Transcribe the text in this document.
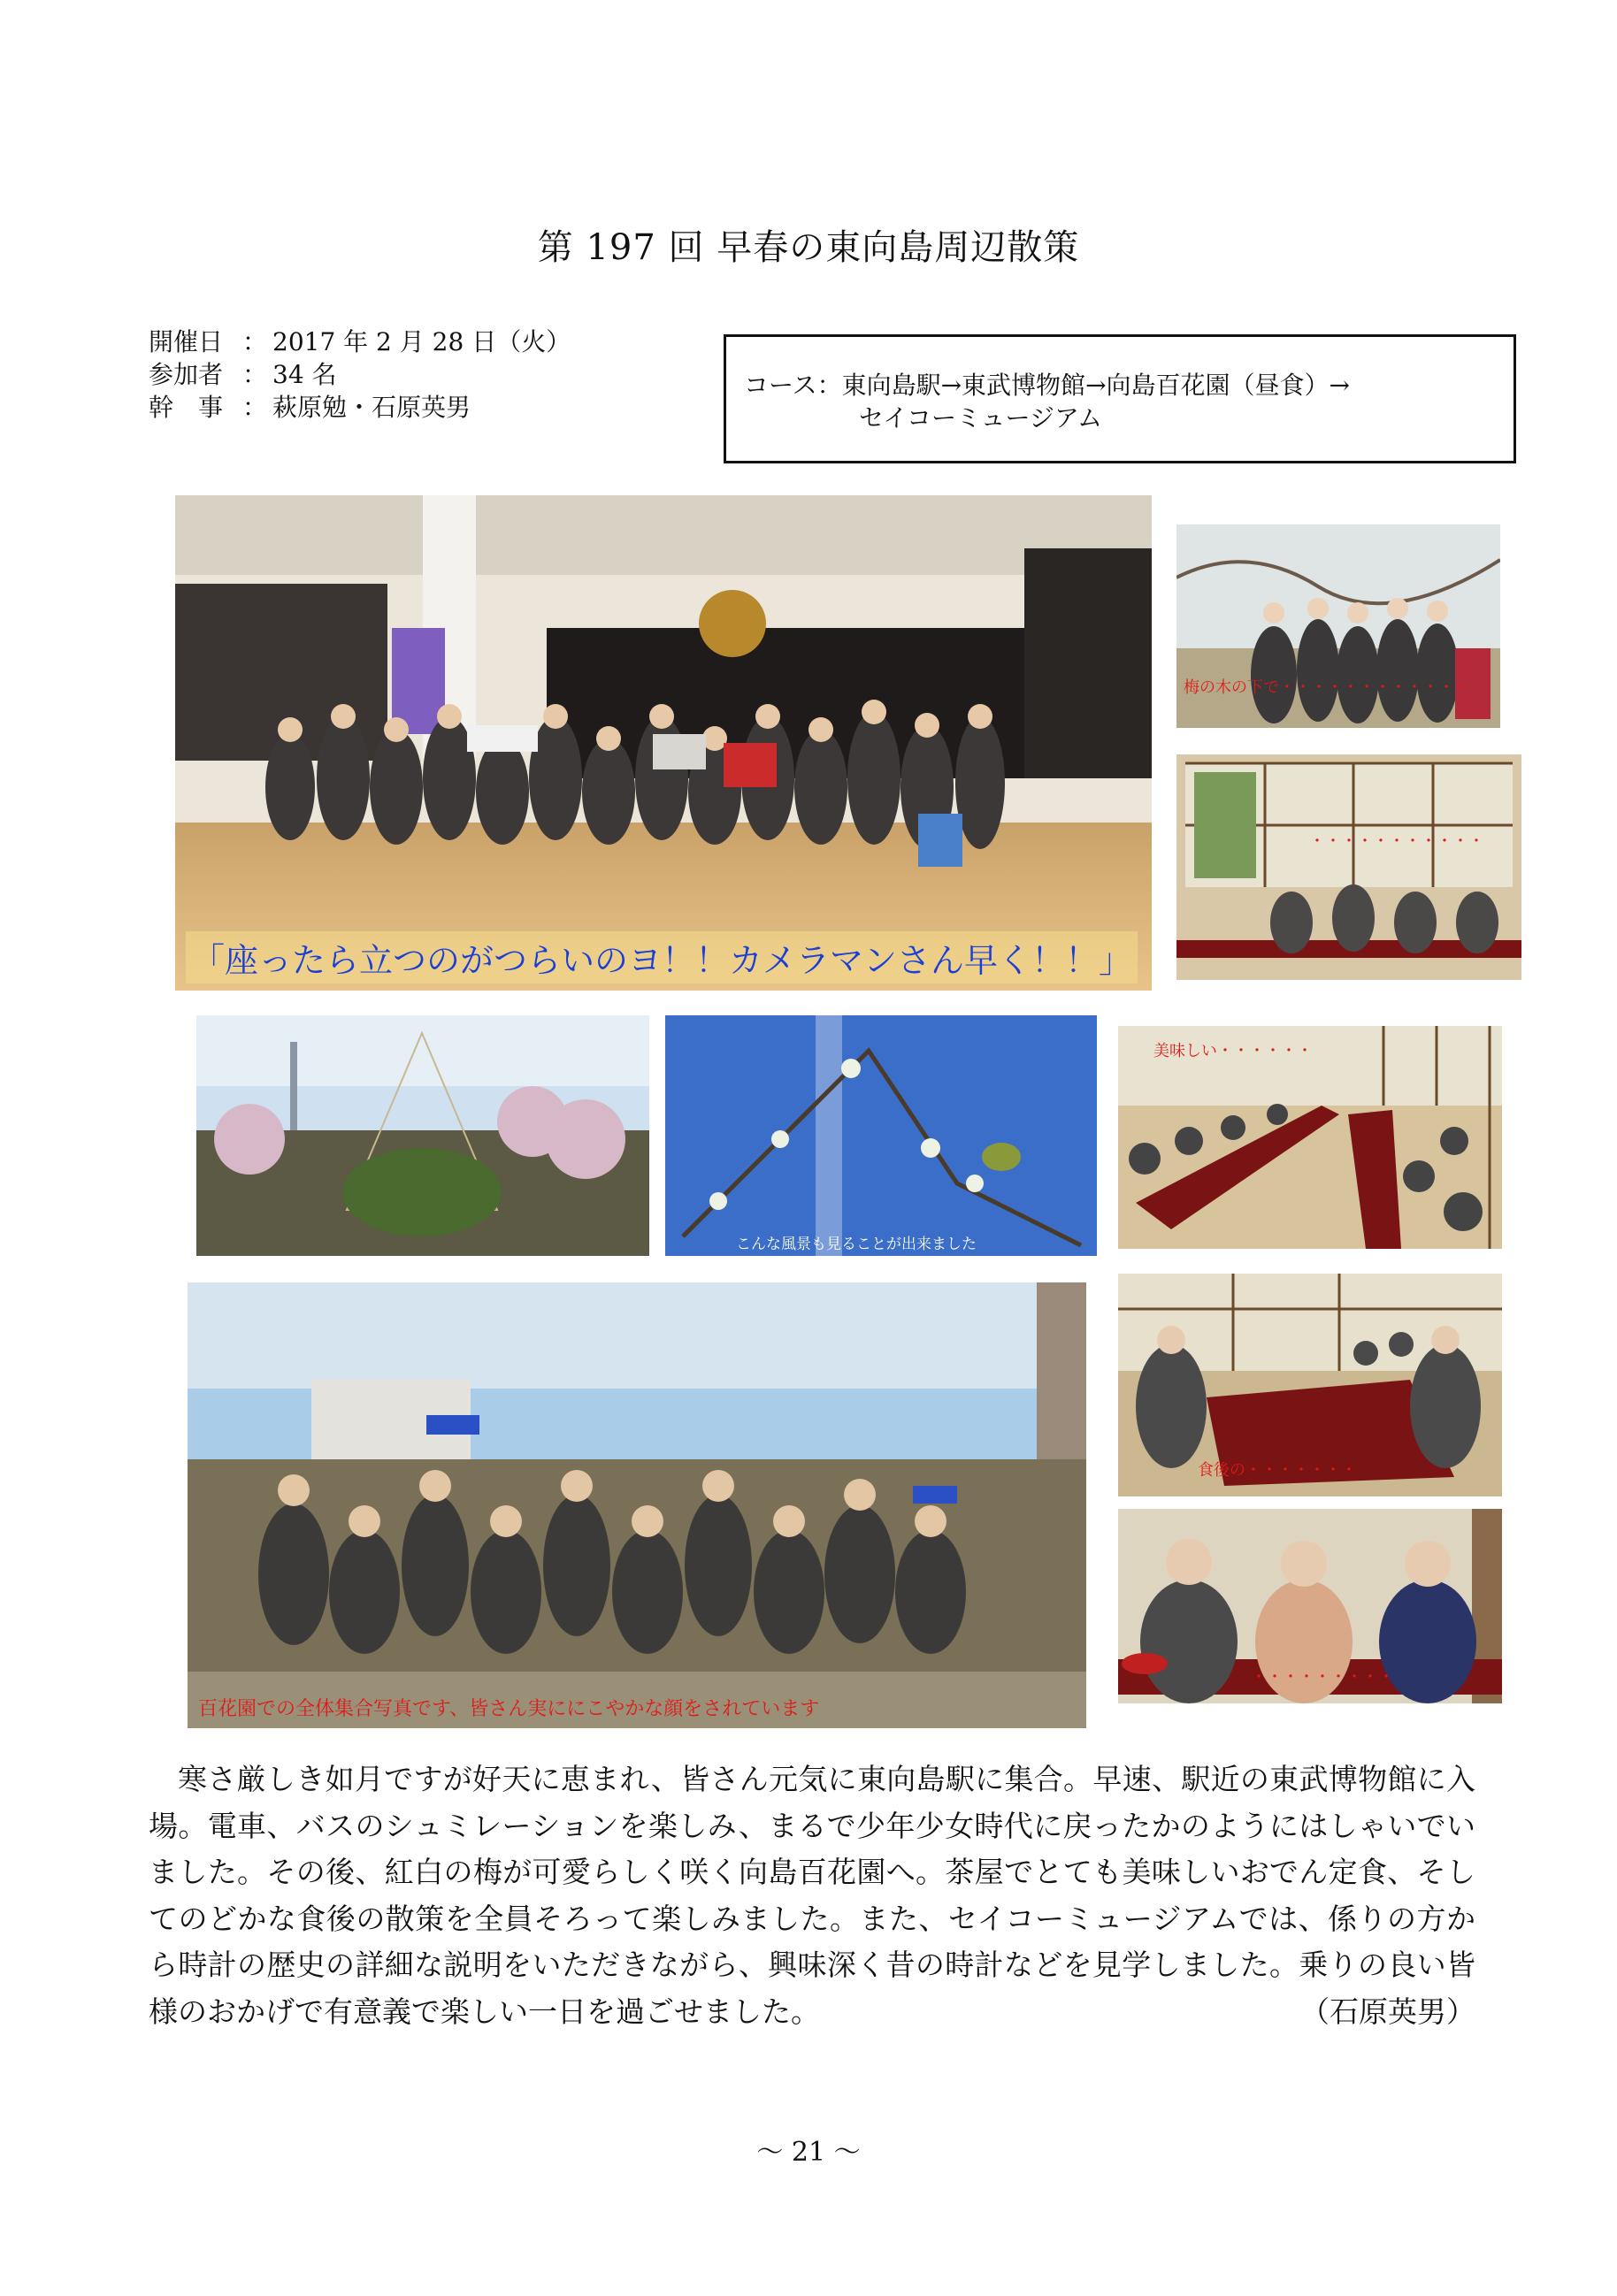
第 197 回 早春の東向島周辺散策
開催日 ： 2017 年 2 月 28 日（火）
参加者 ： 34 名
幹　事 ： 萩原勉・石原英男
コース：東向島駅→東武博物館→向島百花園（昼食）→
セイコーミュージアム
「座ったら立つのがつらいのヨ！！カメラマンさん早く！！」
梅の木の下で・・・・・・・・・・・・
・・・・・・・・・・・
こんな風景も見ることが出来ました
美味しい・・・・・・
百花園での全体集合写真です、皆さん実ににこやかな顔をされています
食後の・・・・・・・
・・・・・・・・・

寒さ厳しき如月ですが好天に恵まれ、皆さん元気に東向島駅に集合。早速、駅近の東武博物館に入場。電車、バスのシュミレーションを楽しみ、まるで少年少女時代に戻ったかのようにはしゃいでいました。その後、紅白の梅が可愛らしく咲く向島百花園へ。茶屋でとても美味しいおでん定食、そしてのどかな食後の散策を全員そろって楽しみました。また、セイコーミュージアムでは、係りの方から時計の歴史の詳細な説明をいただきながら、興味深く昔の時計などを見学しました。乗りの良い皆様のおかげで有意義で楽しい一日を過ごせました。	（石原英男）
～ 21 ～
